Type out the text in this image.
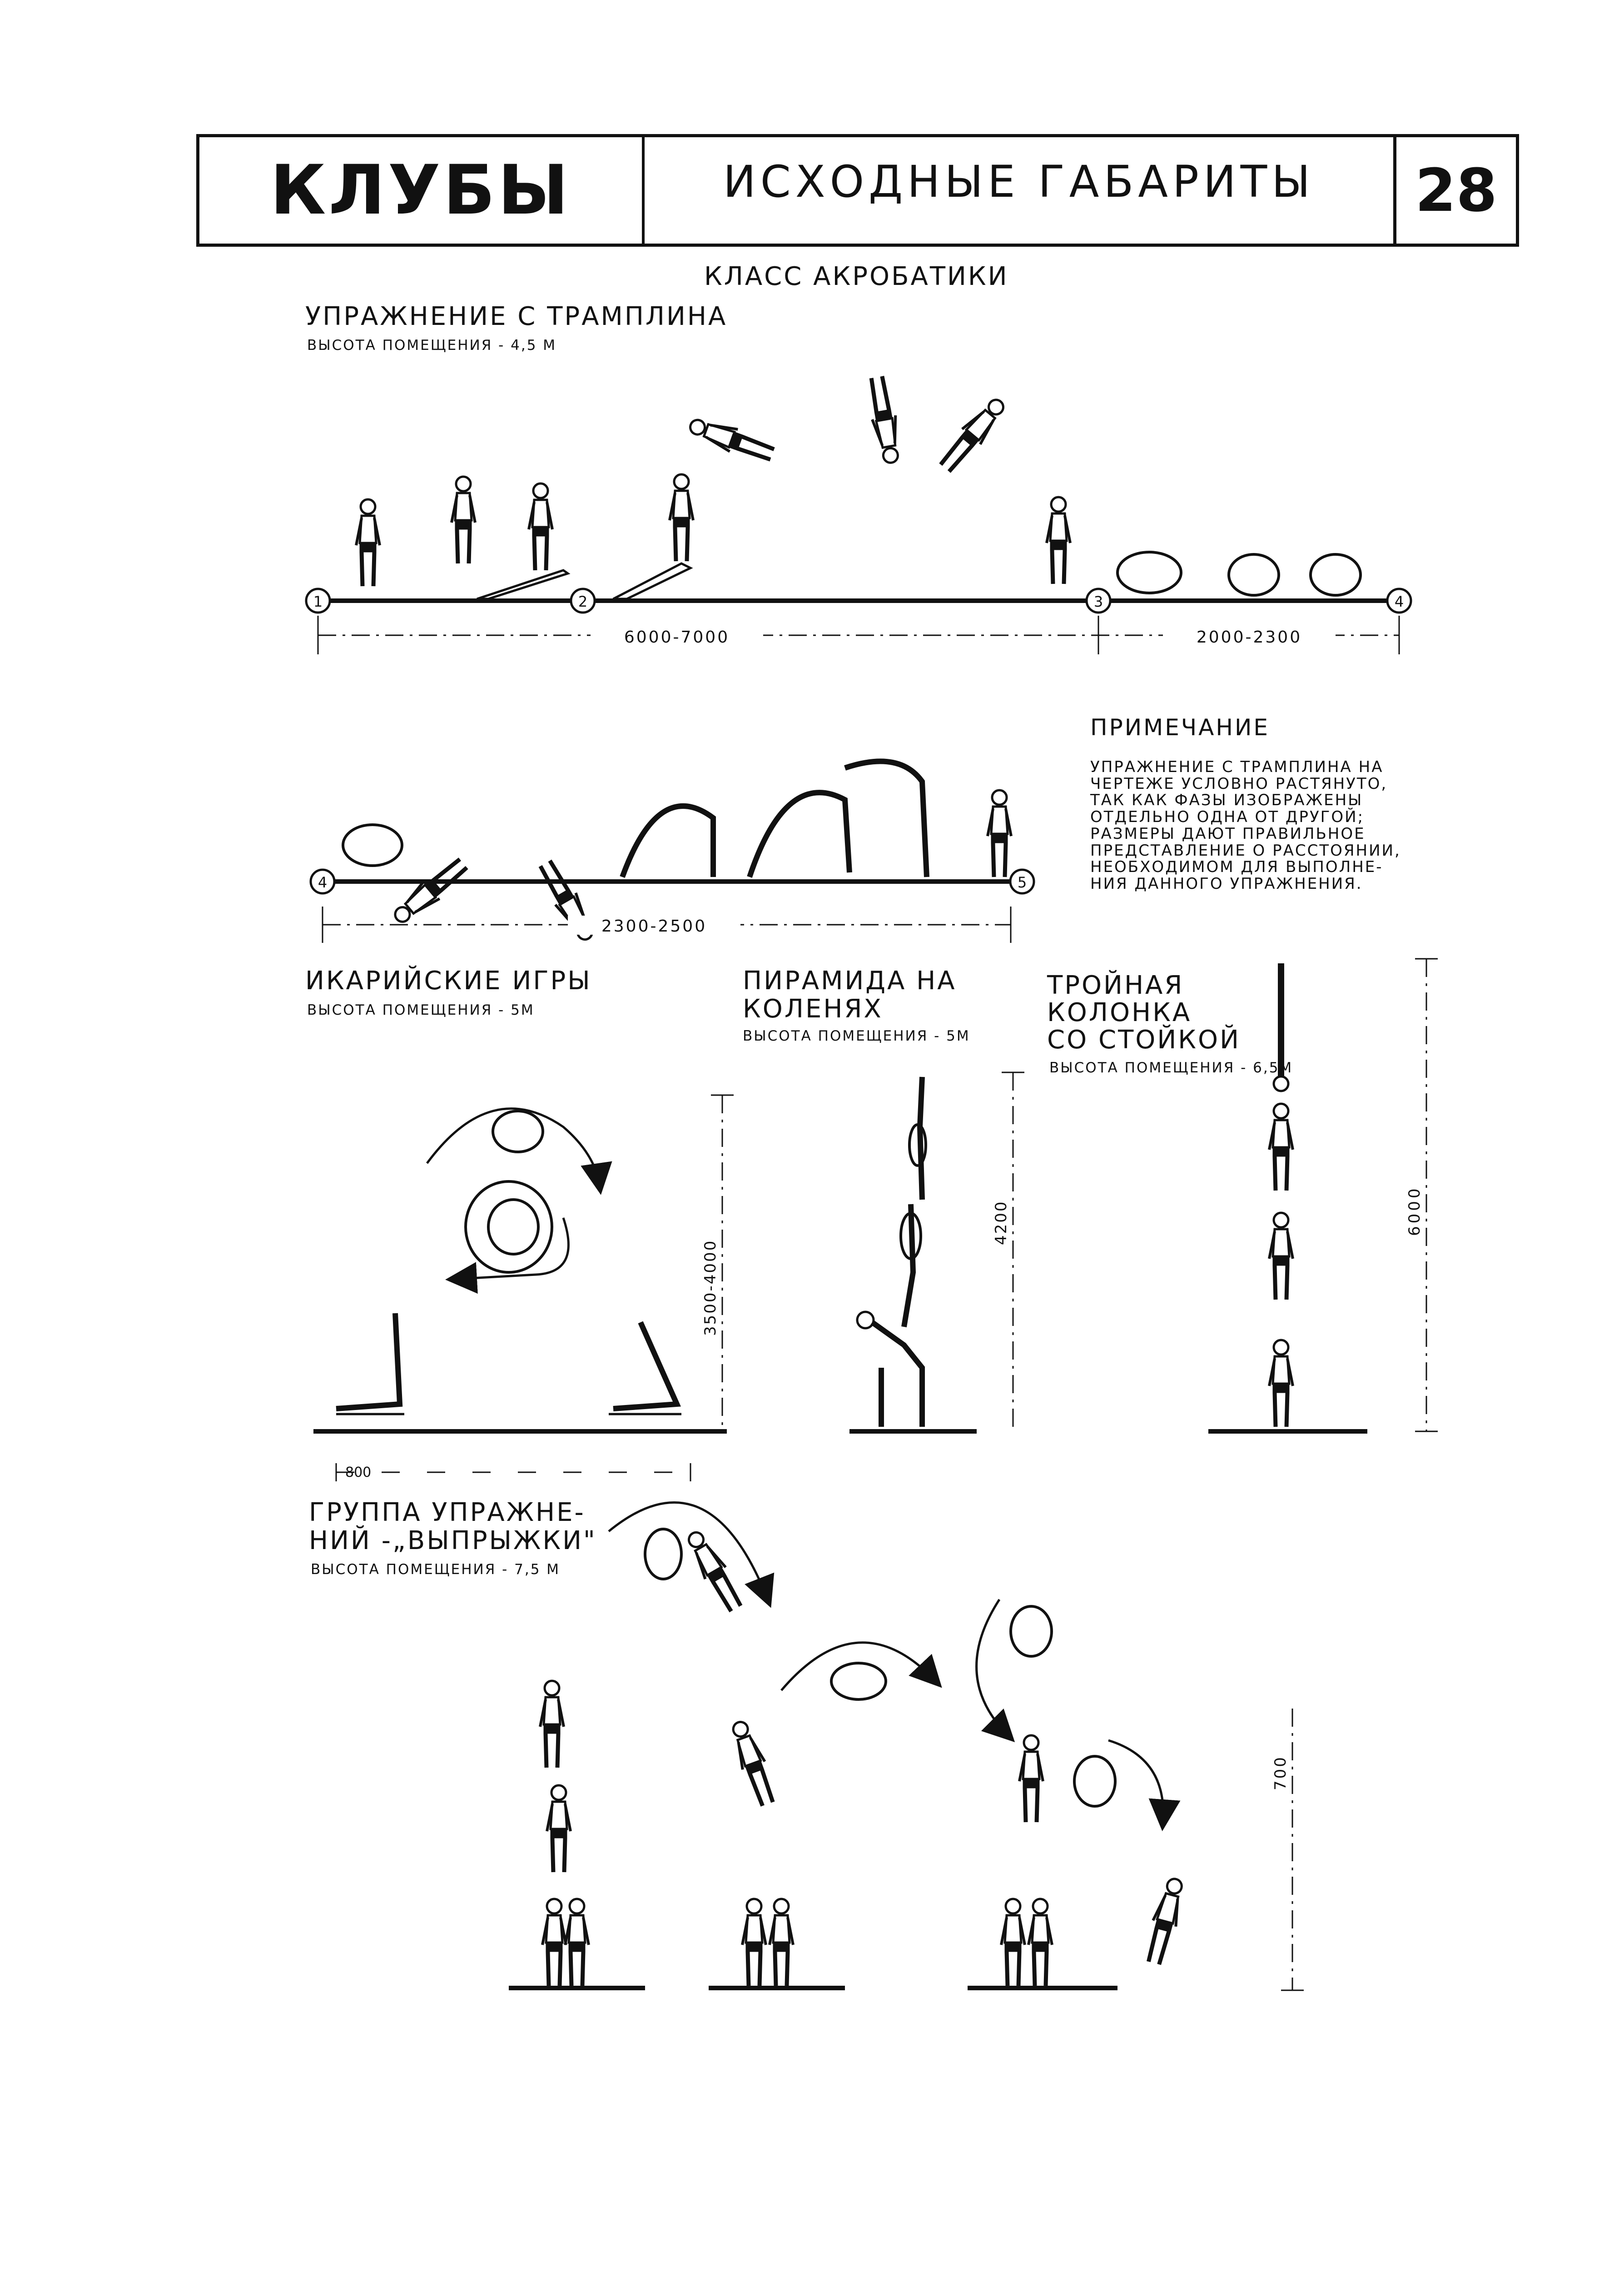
КЛУБЫ	ИСХОДНЫЕ ГАБАРИТЫ 28
КЛАСС АКРОБАТИКИ
УПРАЖНЕНИЕ С ТРАМПЛИНА
ВЫСОТА ПОМЕЩЕНИЯ - 4,5 М
ПРИМЕЧАНИЕ
УПРАЖНЕНИЕ С ТРАМПЛИНА НА
ЧЕРТЕЖЕ УСЛОВНО РАСТЯНУТО,
ТАК КАК ФАЗЫ ИЗОБРАЖЕНЫ
ОТДЕЛЬНО ОДНА ОТ ДРУГОЙ;
РАЗМЕРЫ ДАЮТ ПРАВИЛЬНОЕ
ПРЕДСТАВЛЕНИЕ О РАССТОЯНИИ,
НЕОБХОДИМОМ ДЛЯ ВЫПОЛНЕ-
НИЯ ДАННОГО УПРАЖНЕНИЯ.
ИКАРИЙСКИЕ ИГРЫ
ВЫСОТА ПОМЕЩЕНИЯ - 5М
ПИРАМИДА НА
КОЛЕНЯХ
ВЫСОТА ПОМЕЩЕНИЯ - 5М
ТРОЙНАЯ
КОЛОНКА
СО СТОЙКОЙ
ВЫСОТА ПОМЕЩЕНИЯ - 6,5М
ГРУППА УПРАЖНЕ-
НИЙ -„ВЫПРЫЖКИ"
ВЫСОТА ПОМЕЩЕНИЯ - 7,5 М
1	2	3	4
6000-7000	2000-2300
4	5
2300-2500
3500-4000
800
4200	6000
700
